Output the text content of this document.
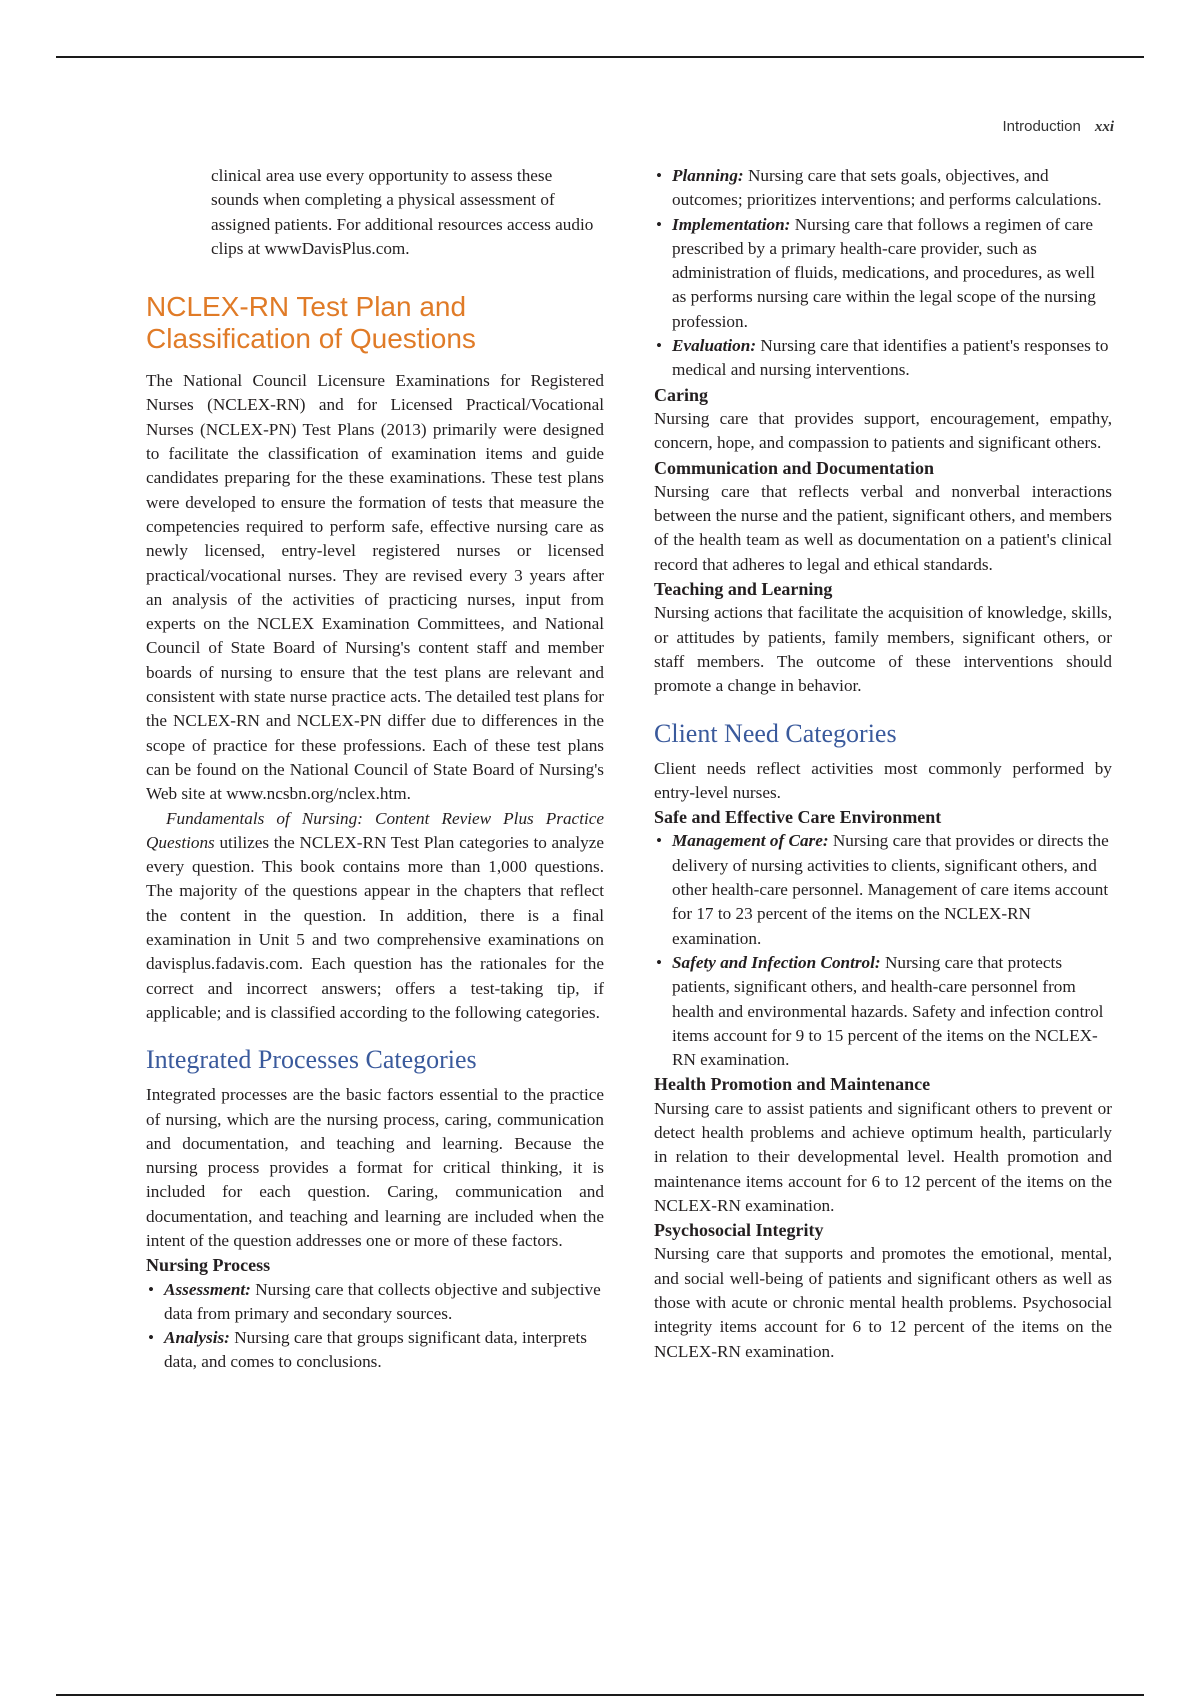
Introduction xxi

clinical area use every opportunity to assess these sounds when completing a physical assessment of assigned patients. For additional resources access audio clips at wwwDavisPlus.com.

NCLEX-RN Test Plan and
Classification of Questions

The National Council Licensure Examinations for Registered Nurses (NCLEX-RN) and for Licensed Practical/Vocational Nurses (NCLEX-PN) Test Plans (2013) primarily were designed to facilitate the classification of examination items and guide candidates preparing for the these examinations. These test plans were developed to ensure the formation of tests that measure the competencies required to perform safe, effective nursing care as newly licensed, entry-level registered nurses or licensed practical/vocational nurses. They are revised every 3 years after an analysis of the activities of practicing nurses, input from experts on the NCLEX Examination Committees, and National Council of State Board of Nursing's content staff and member boards of nursing to ensure that the test plans are relevant and consistent with state nurse practice acts. The detailed test plans for the NCLEX-RN and NCLEX-PN differ due to differences in the scope of practice for these professions. Each of these test plans can be found on the National Council of State Board of Nursing's Web site at www.ncsbn.org/nclex.htm.

Fundamentals of Nursing: Content Review Plus Practice Questions utilizes the NCLEX-RN Test Plan categories to analyze every question. This book contains more than 1,000 questions. The majority of the questions appear in the chapters that reflect the content in the question. In addition, there is a final examination in Unit 5 and two comprehensive examinations on davisplus.fadavis.com. Each question has the rationales for the correct and incorrect answers; offers a test-taking tip, if applicable; and is classified according to the following categories.

Integrated Processes Categories

Integrated processes are the basic factors essential to the practice of nursing, which are the nursing process, caring, communication and documentation, and teaching and learning. Because the nursing process provides a format for critical thinking, it is included for each question. Caring, communication and documentation, and teaching and learning are included when the intent of the question addresses one or more of these factors.

Nursing Process
• Assessment: Nursing care that collects objective and subjective data from primary and secondary sources.
• Analysis: Nursing care that groups significant data, interprets data, and comes to conclusions.
• Planning: Nursing care that sets goals, objectives, and outcomes; prioritizes interventions; and performs calculations.
• Implementation: Nursing care that follows a regimen of care prescribed by a primary health-care provider, such as administration of fluids, medications, and procedures, as well as performs nursing care within the legal scope of the nursing profession.
• Evaluation: Nursing care that identifies a patient's responses to medical and nursing interventions.
Caring

Nursing care that provides support, encouragement, empathy, concern, hope, and compassion to patients and significant others.

Communication and Documentation

Nursing care that reflects verbal and nonverbal interactions between the nurse and the patient, significant others, and members of the health team as well as documentation on a patient's clinical record that adheres to legal and ethical standards.

Teaching and Learning

Nursing actions that facilitate the acquisition of knowledge, skills, or attitudes by patients, family members, significant others, or staff members. The outcome of these interventions should promote a change in behavior.

Client Need Categories

Client needs reflect activities most commonly performed by entry-level nurses.

Safe and Effective Care Environment
• Management of Care: Nursing care that provides or directs the delivery of nursing activities to clients, significant others, and other health-care personnel. Management of care items account for 17 to 23 percent of the items on the NCLEX-RN examination.
• Safety and Infection Control: Nursing care that protects patients, significant others, and health-care personnel from health and environmental hazards. Safety and infection control items account for 9 to 15 percent of the items on the NCLEX-RN examination.
Health Promotion and Maintenance

Nursing care to assist patients and significant others to prevent or detect health problems and achieve optimum health, particularly in relation to their developmental level. Health promotion and maintenance items account for 6 to 12 percent of the items on the NCLEX-RN examination.

Psychosocial Integrity

Nursing care that supports and promotes the emotional, mental, and social well-being of patients and significant others as well as those with acute or chronic mental health problems. Psychosocial integrity items account for 6 to 12 percent of the items on the NCLEX-RN examination.
